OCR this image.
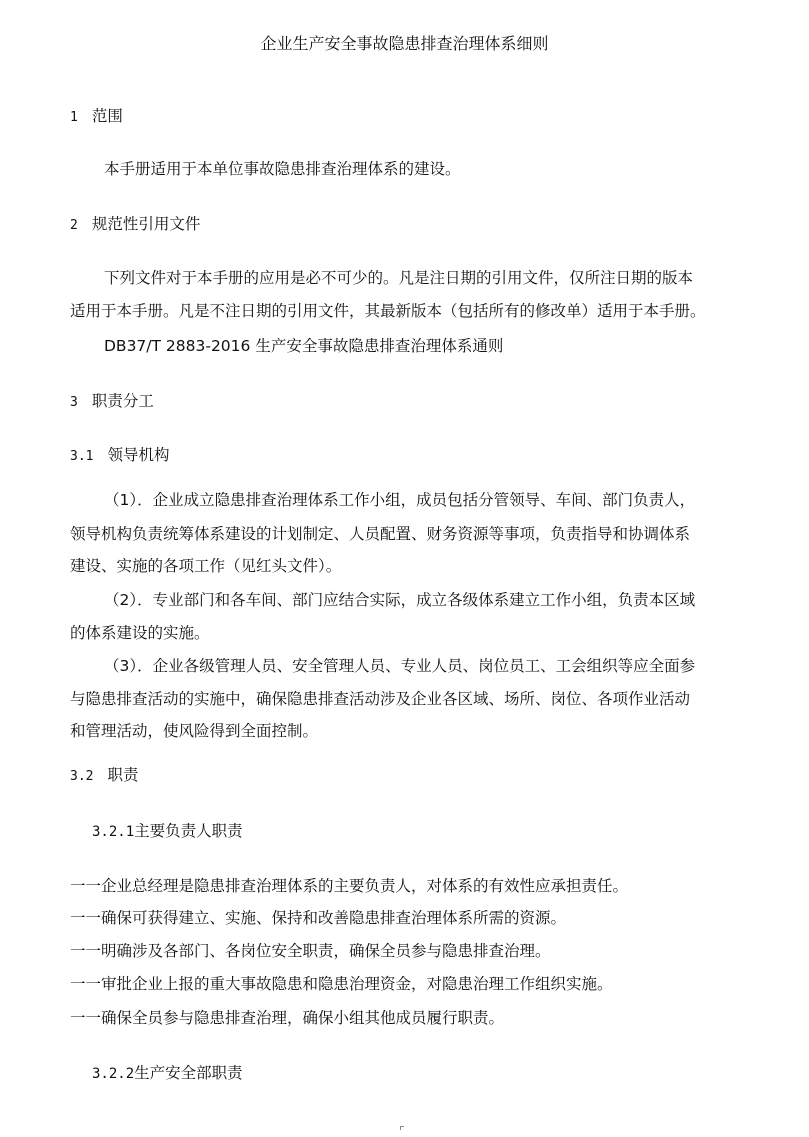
企业生产安全事故隐患排查治理体系细则
1 范围
本手册适用于本单位事故隐患排查治理体系的建设。
2 规范性引用文件
下列文件对于本手册的应用是必不可少的。凡是注日期的引用文件，仅所注日期的版本
适用于本手册。凡是不注日期的引用文件，其最新版本（包括所有的修改单）适用于本手册。
DB37/T 2883-2016 生产安全事故隐患排查治理体系通则
3 职责分工
3.1 领导机构
（1）．企业成立隐患排查治理体系工作小组，成员包括分管领导、车间、部门负责人，
领导机构负责统筹体系建设的计划制定、人员配置、财务资源等事项，负责指导和协调体系
建设、实施的各项工作（见红头文件）。
（2）．专业部门和各车间、部门应结合实际，成立各级体系建立工作小组，负责本区域
的体系建设的实施。
（3）．企业各级管理人员、安全管理人员、专业人员、岗位员工、工会组织等应全面参
与隐患排查活动的实施中，确保隐患排查活动涉及企业各区域、场所、岗位、各项作业活动
和管理活动，使风险得到全面控制。
3.2 职责
3.2.1主要负责人职责
一一企业总经理是隐患排查治理体系的主要负责人，对体系的有效性应承担责任。
一一确保可获得建立、实施、保持和改善隐患排查治理体系所需的资源。
一一明确涉及各部门、各岗位安全职责，确保全员参与隐患排查治理。
一一审批企业上报的重大事故隐患和隐患治理资金，对隐患治理工作组织实施。
一一确保全员参与隐患排查治理，确保小组其他成员履行职责。
3.2.2生产安全部职责
